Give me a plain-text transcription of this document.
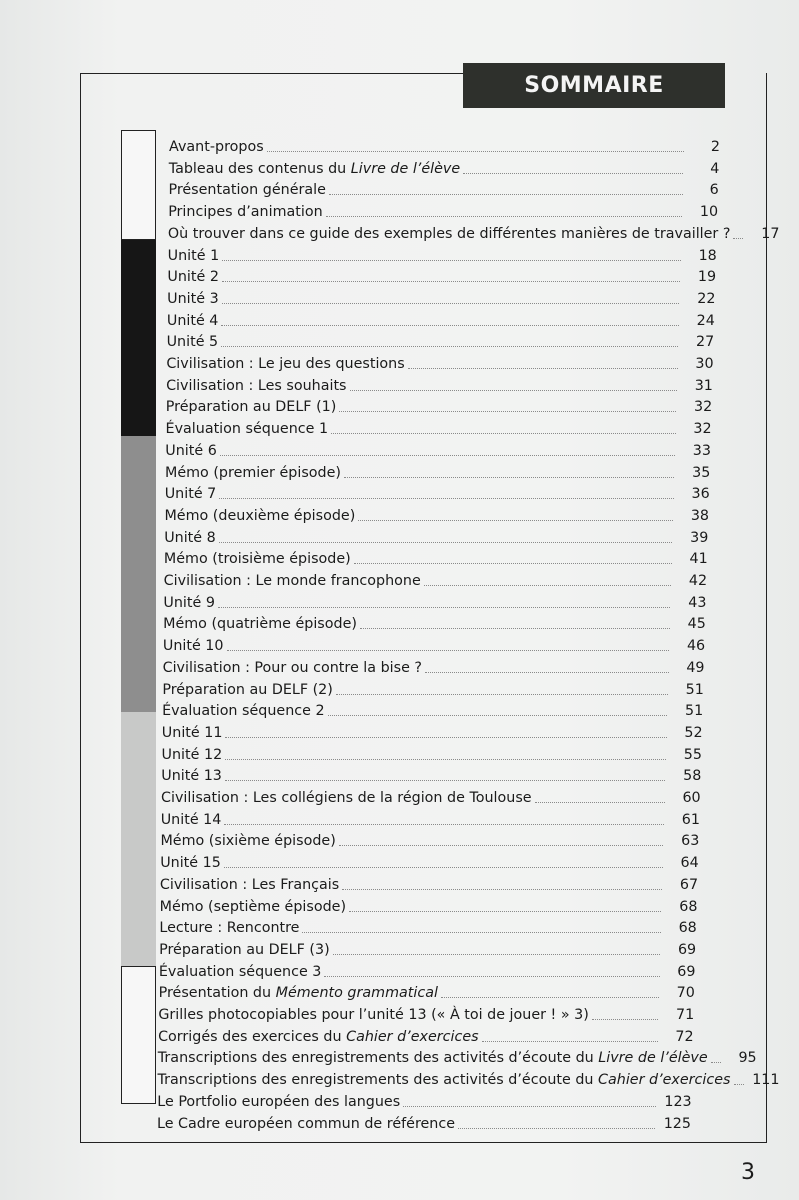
SOMMAIRE
Avant-propos	2
Tableau des contenus du Livre de l’élève	4
Présentation générale	6
Principes d’animation	10
Où trouver dans ce guide des exemples de différentes manières de travailler ?	17
Unité 1	18
Unité 2	19
Unité 3	22
Unité 4	24
Unité 5	27
Civilisation : Le jeu des questions	30
Civilisation : Les souhaits	31
Préparation au DELF (1)	32
Évaluation séquence 1	32
Unité 6	33
Mémo (premier épisode)	35
Unité 7	36
Mémo (deuxième épisode)	38
Unité 8	39
Mémo (troisième épisode)	41
Civilisation : Le monde francophone	42
Unité 9	43
Mémo (quatrième épisode)	45
Unité 10	46
Civilisation : Pour ou contre la bise ?	49
Préparation au DELF (2)	51
Évaluation séquence 2	51
Unité 11	52
Unité 12	55
Unité 13	58
Civilisation : Les collégiens de la région de Toulouse	60
Unité 14	61
Mémo (sixième épisode)	63
Unité 15	64
Civilisation : Les Français	67
Mémo (septième épisode)	68
Lecture : Rencontre	68
Préparation au DELF (3)	69
Évaluation séquence 3	69
Présentation du Mémento grammatical	70
Grilles photocopiables pour l’unité 13 (« À toi de jouer ! » 3)	71
Corrigés des exercices du Cahier d’exercices	72
Transcriptions des enregistrements des activités d’écoute du Livre de l’élève	95
Transcriptions des enregistrements des activités d’écoute du Cahier d’exercices	111
Le Portfolio européen des langues	123
Le Cadre européen commun de référence	125
3
